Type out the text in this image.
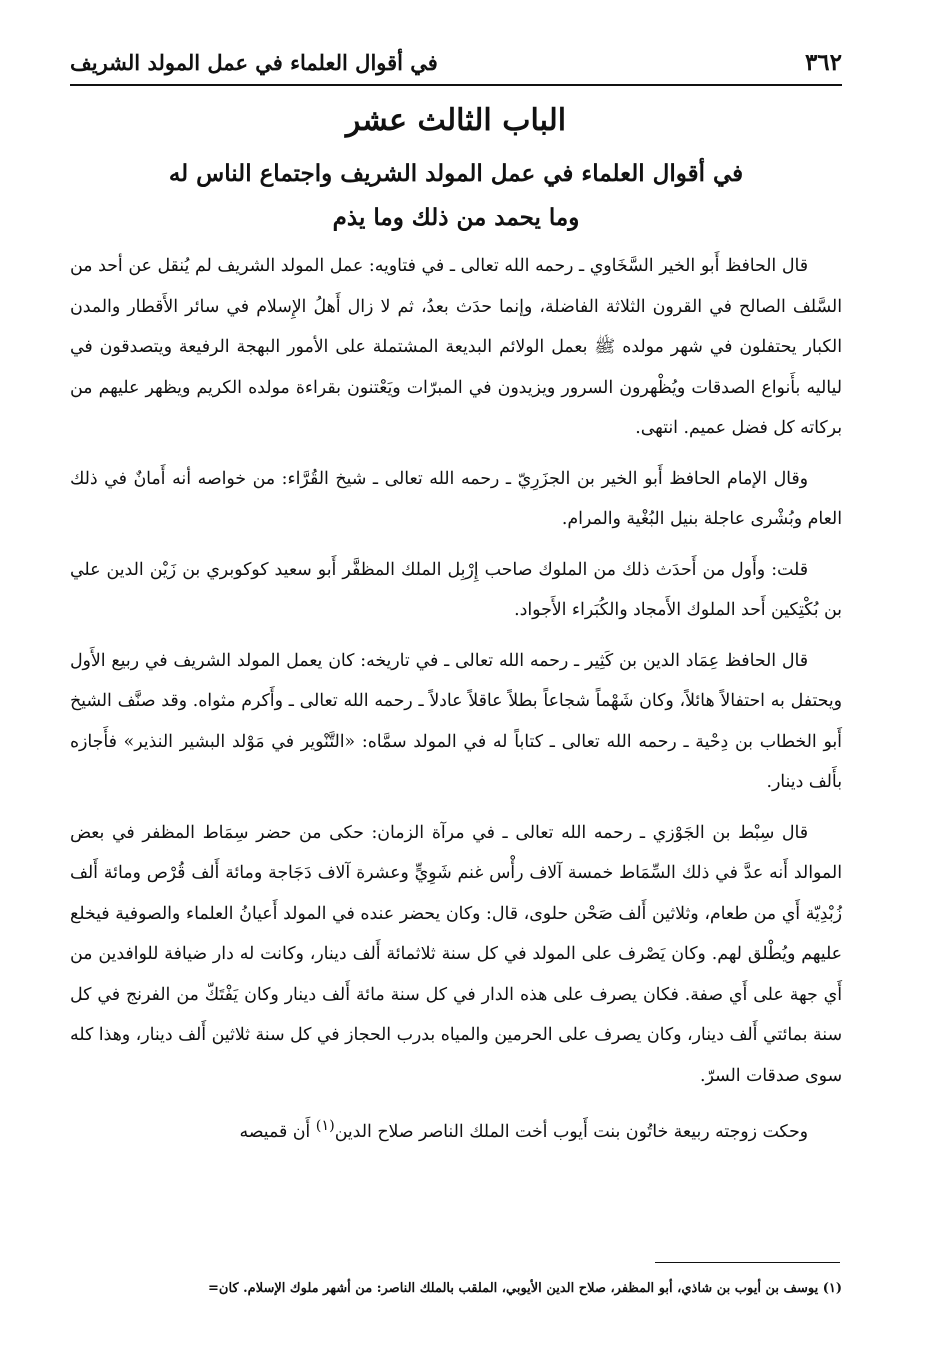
٣٦٢
في أقوال العلماء في عمل المولد الشريف
الباب الثالث عشر
في أقوال العلماء في عمل المولد الشريف واجتماع الناس له
وما يحمد من ذلك وما يذم

قال الحافظ أَبو الخير السَّخَاوي ـ رحمه الله تعالى ـ في فتاويه: عمل المولد الشريف لم يُنقل عن أحد من السَّلف الصالح في القرون الثلاثة الفاضلة، وإنما حدَث بعدُ، ثم لا زال أَهلُ الإِسلام في سائر الأَقطار والمدن الكبار يحتفلون في شهر مولده ﷺ بعمل الولائم البديعة المشتملة على الأمور البهجة الرفيعة ويتصدقون في لياليه بأَنواع الصدقات ويُظْهرون السرور ويزيدون في المبرّات ويَعْتنون بقراءة مولده الكريم ويظهر عليهم من بركاته كل فضل عميم. انتهى.

وقال الإمام الحافظ أَبو الخير بن الجزَرِيّ ـ رحمه الله تعالى ـ شيخ القُرَّاء: من خواصه أنه أَمانٌ في ذلك العام وبُشْرى عاجلة بنيل البُغْية والمرام.

قلت: وأَول من أَحدَث ذلك من الملوك صاحب إِرْبِل الملك المظفَّر أَبو سعيد كوكوبري بن زَيْن الدين علي بن بُكْتِكين أَحد الملوك الأَمجاد والكُبَراء الأَجواد.

قال الحافظ عِمَاد الدين بن كَثِير ـ رحمه الله تعالى ـ في تاريخه: كان يعمل المولد الشريف في ربيع الأَول ويحتفل به احتفالاً هائلاً، وكان شَهْماً شجاعاً بطلاً عاقلاً عادلاً ـ رحمه الله تعالى ـ وأَكرم مثواه. وقد صنَّف الشيخ أَبو الخطاب بن دِحْية ـ رحمه الله تعالى ـ كتاباً له في المولد سمَّاه: «التَّنْوير في مَوْلد البشير النذير» فأَجازه بأَلف دينار.

قال سِبْط بن الجَوْزي ـ رحمه الله تعالى ـ في مرآة الزمان: حكى من حضر سِمَاط المظفر في بعض الموالد أَنه عدَّ في ذلك السِّمَاط خمسة آلاف رأْس غنم شَوِيٍّ وعشرة آلاف دَجَاجة ومائة أَلف قُرْص ومائة أَلف زُبْدِيّة أَي من طعام، وثلاثين أَلف صَحْن حلوى، قال: وكان يحضر عنده في المولد أَعيانُ العلماء والصوفية فيخلع عليهم ويُطْلق لهم. وكان يَصْرف على المولد في كل سنة ثلاثمائة أَلف دينار، وكانت له دار ضيافة للوافدين من أَي جهة على أَي صفة. فكان يصرف على هذه الدار في كل سنة مائة أَلف دينار وكان يَفْتَكّ من الفرنج في كل سنة بمائتي أَلف دينار، وكان يصرف على الحرمين والمياه بدرب الحجاز في كل سنة ثلاثين أَلف دينار، وهذا كله سوى صدقات السرّ.

وحكت زوجته ربيعة خاتُون بنت أَيوب أخت الملك الناصر صلاح الدين$^{(١)}$ أَن قميصه

(١) يوسف بن أيوب بن شاذي، أبو المظفر، صلاح الدين الأيوبي، الملقب بالملك الناصر: من أشهر ملوك الإسلام. كان=
